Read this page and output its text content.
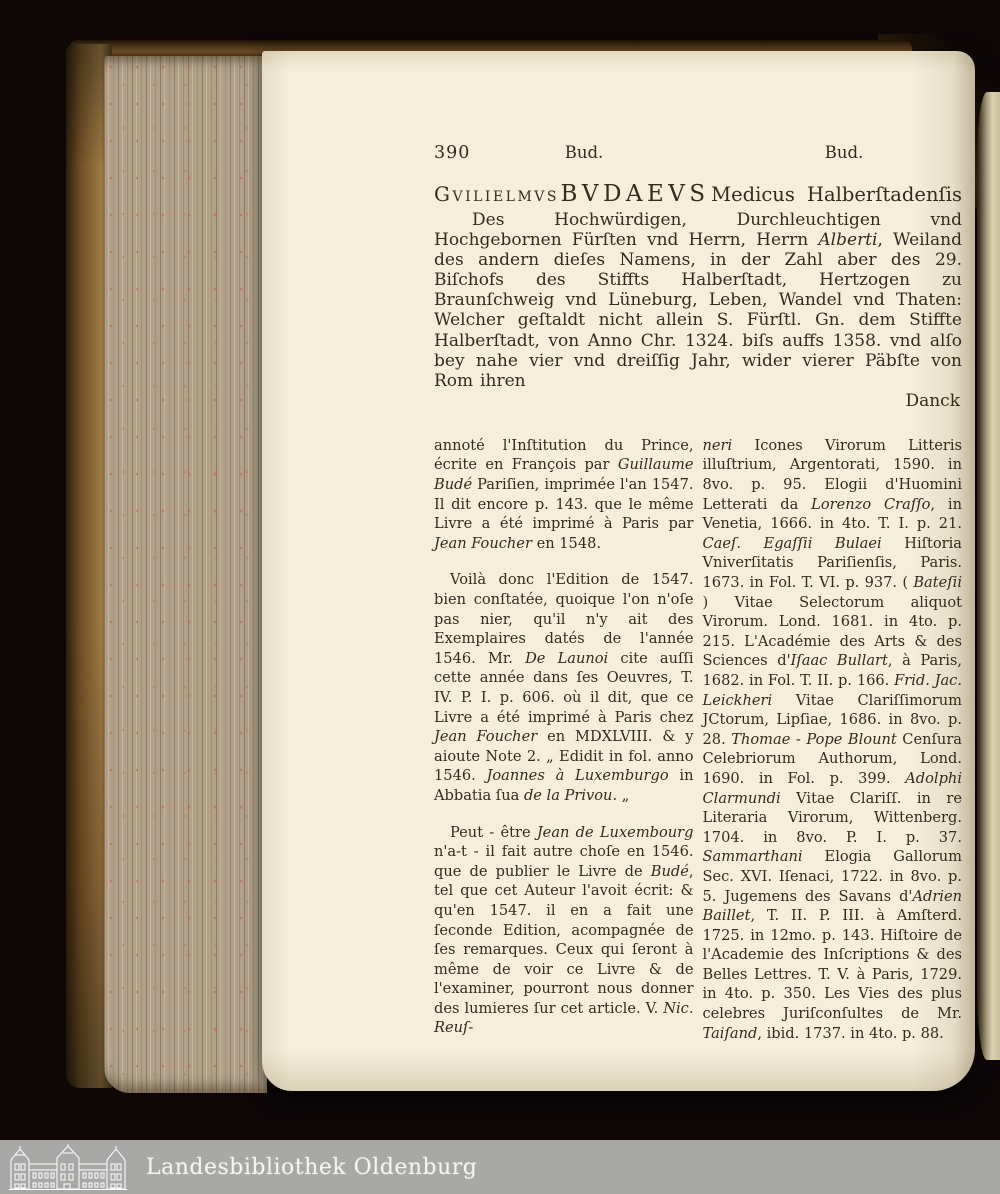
390	Bud.	Bud.
Gvilielmvs BVDAEVS Medicus Halberſtadenſis

Des Hochwürdigen, Durchleuchtigen vnd Hochgebornen Fürſten vnd Herrn, Herrn Alberti, Weiland des andern dieſes Namens, in der Zahl aber des 29. Biſchofs des Stiffts Halberſtadt, Hertzogen zu Braunſchweig vnd Lüneburg, Leben, Wandel vnd Thaten: Welcher geſtaldt nicht allein S. Fürſtl. Gn. dem Stiffte Halberſtadt, von Anno Chr. 1324. biſs auffs 1358. vnd alſo bey nahe vier vnd dreiſſig Jahr, wider vierer Päbſte von Rom ihren

Danck

annoté l'Inſtitution du Prince, écrite en François par Guillaume Budé Pariſien, imprimée l'an 1547. Il dit encore p. 143. que le même Livre a été imprimé à Paris par Jean Foucher en 1548.

Voilà donc l'Edition de 1547. bien conſtatée, quoique l'on n'oſe pas nier, qu'il n'y ait des Exemplaires datés de l'année 1546. Mr. De Launoi cite auſſi cette année dans ſes Oeuvres, T. IV. P. I. p. 606. où il dit, que ce Livre a été imprimé à Paris chez Jean Foucher en MDXLVIII. & y aioute Note 2. „ Edidit in fol. anno 1546. Joannes à Luxemburgo in Abbatia ſua de la Privou. „

Peut - être Jean de Luxembourg n'a-t - il fait autre choſe en 1546. que de publier le Livre de Budé, tel que cet Auteur l'avoit écrit: & qu'en 1547. il en a fait une ſeconde Edition, acompagnée de ſes remarques. Ceux qui ſeront à même de voir ce Livre & de l'examiner, pourront nous donner des lumieres ſur cet article. V. Nic. Reuſ-

neri Icones Virorum Litteris illuſtrium, Argentorati, 1590. in 8vo. p. 95. Elogii d'Huomini Letterati da Lorenzo Craſſo, in Venetia, 1666. in 4to. T. I. p. 21. Caeſ. Egaſſii Bulaei Hiſtoria Vniverſitatis Pariſienſis, Paris. 1673. in Fol. T. VI. p. 937. ( Bateſii ) Vitae Selectorum aliquot Virorum. Lond. 1681. in 4to. p. 215. L'Académie des Arts & des Sciences d'Iſaac Bullart, à Paris, 1682. in Fol. T. II. p. 166. Frid. Jac. Leickheri Vitae Clariſſimorum JCtorum, Lipſiae, 1686. in 8vo. p. 28. Thomae - Pope Blount Cenſura Celebriorum Authorum, Lond. 1690. in Fol. p. 399. Adolphi Clarmundi Vitae Clariſſ. in re Literaria Virorum, Wittenberg. 1704. in 8vo. P. I. p. 37. Sammarthani Elogia Gallorum Sec. XVI. Iſenaci, 1722. in 8vo. p. 5. Jugemens des Savans d'Adrien Baillet, T. II. P. III. à Amſterd. 1725. in 12mo. p. 143. Hiſtoire de l'Academie des Inſcriptions & des Belles Lettres. T. V. à Paris, 1729. in 4to. p. 350. Les Vies des plus celebres Juriſconſultes de Mr. Taiſand, ibid. 1737. in 4to. p. 88.

Landesbibliothek Oldenburg
